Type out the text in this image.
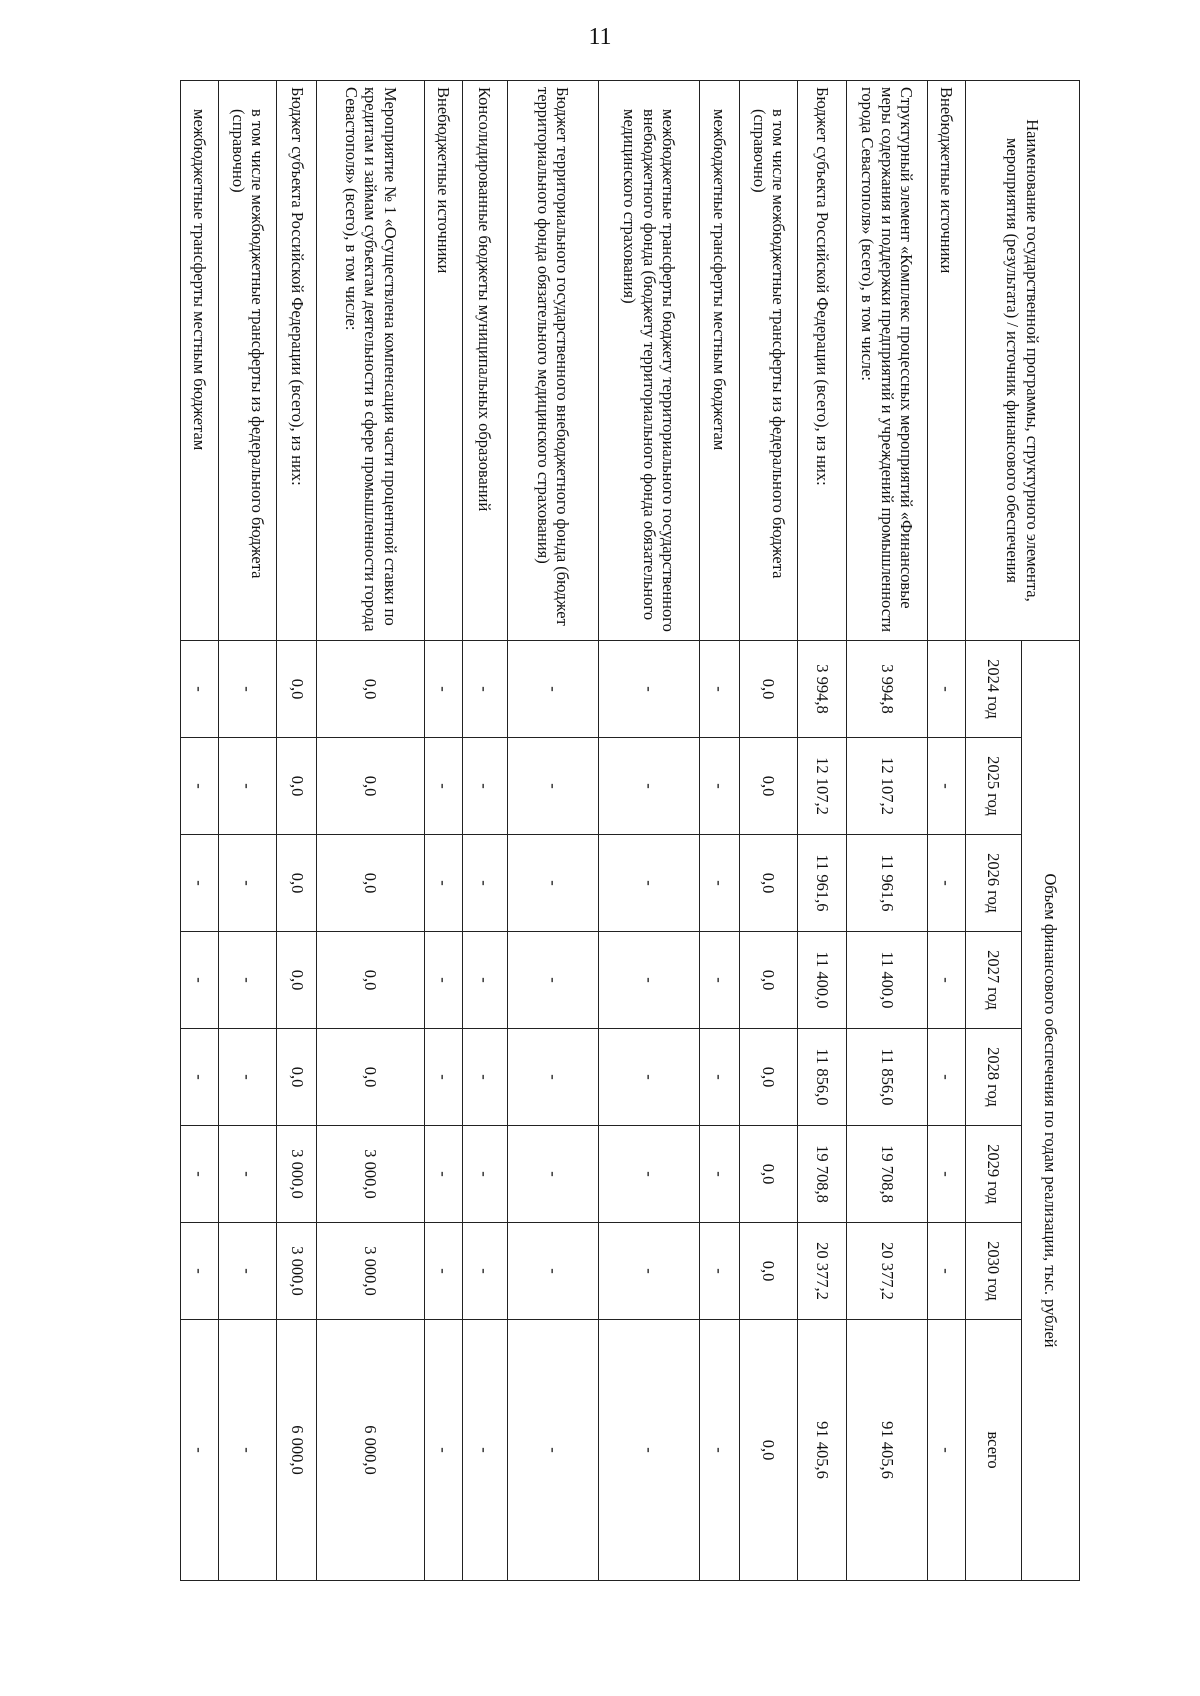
11
Наименование государственной программы, структурного элемента, мероприятия (результата) / источник финансового обеспечения	Объем финансового обеспечения по годам реализации, тыс. рублей							
	2024 год	2025 год	2026 год	2027 год	2028 год	2029 год	2030 год	всего
Внебюджетные источники	-	-	-	-	-	-	-	-
Структурный элемент «Комплекс процессных мероприятий «Финансовые меры содержания и поддержки предприятий и учреждений промышленности города Севастополя» (всего), в том числе:	3 994,8	12 107,2	11 961,6	11 400,0	11 856,0	19 708,8	20 377,2	91 405,6
Бюджет субъекта Российской Федерации (всего), из них:	3 994,8	12 107,2	11 961,6	11 400,0	11 856,0	19 708,8	20 377,2	91 405,6
в том числе межбюджетные трансферты из федерального бюджета (справочно)	0,0	0,0	0,0	0,0	0,0	0,0	0,0	0,0
межбюджетные трансферты местным бюджетам	-	-	-	-	-	-	-	-
межбюджетные трансферты бюджету территориального государственного внебюджетного фонда (бюджету территориального фонда обязательного медицинского страхования)	-	-	-	-	-	-	-	-
Бюджет территориального государственного внебюджетного фонда (бюджет территориального фонда обязательного медицинского страхования)	-	-	-	-	-	-	-	-
Консолидированные бюджеты муниципальных образований	-	-	-	-	-	-	-	-
Внебюджетные источники	-	-	-	-	-	-	-	-
Мероприятие № 1 «Осуществлена компенсация части процентной ставки по кредитам и займам субъектам деятельности в сфере промышленности города Севастополя» (всего), в том числе:	0,0	0,0	0,0	0,0	0,0	3 000,0	3 000,0	6 000,0
Бюджет субъекта Российской Федерации (всего), из них:	0,0	0,0	0,0	0,0	0,0	3 000,0	3 000,0	6 000,0
в том числе межбюджетные трансферты из федерального бюджета (справочно)	-	-	-	-	-	-	-	-
межбюджетные трансферты местным бюджетам	-	-	-	-	-	-	-	-
